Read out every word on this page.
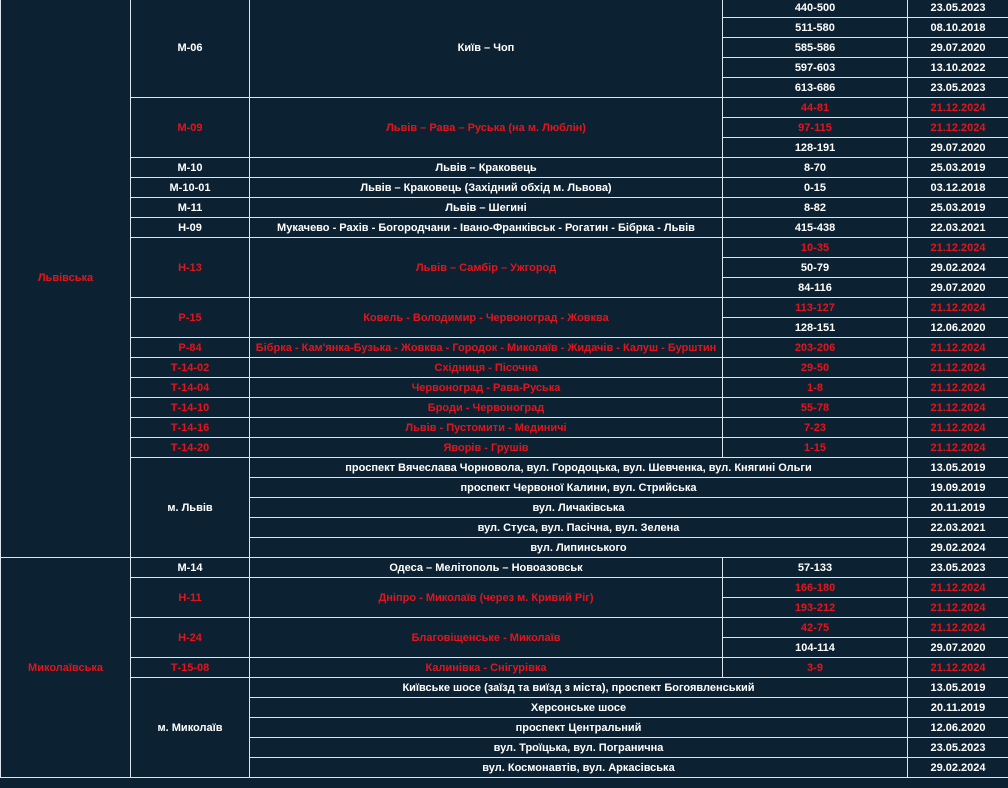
Львівська	М-06	Київ – Чоп	440-500	23.05.2023
			511-580	08.10.2018
			585-586	29.07.2020
			597-603	13.10.2022
			613-686	23.05.2023
	М-09	Львів – Рава – Руська (на м. Люблін)	44-81	21.12.2024
			97-115	21.12.2024
			128-191	29.07.2020
	М-10	Львів – Краковець	8-70	25.03.2019
	М-10-01	Львів – Краковець (Західний обхід м. Львова)	0-15	03.12.2018
	М-11	Львів – Шегині	8-82	25.03.2019
	Н-09	Мукачево - Рахів - Богородчани - Івано-Франківськ - Рогатин - Бібрка - Львів	415-438	22.03.2021
	Н-13	Львів – Самбір – Ужгород	10-35	21.12.2024
			50-79	29.02.2024
			84-116	29.07.2020
	Р-15	Ковель - Володимир - Червоноград - Жовква	113-127	21.12.2024
			128-151	12.06.2020
	Р-84	Бібрка - Кам'янка-Бузька - Жовква - Городок - Миколаїв - Жидачів - Калуш - Бурштин	203-206	21.12.2024
	Т-14-02	Східниця - Пісочна	29-50	21.12.2024
	Т-14-04	Червоноград - Рава-Руська	1-8	21.12.2024
	Т-14-10	Броди - Червоноград	55-78	21.12.2024
	Т-14-16	Львів - Пустомити - Мединичі	7-23	21.12.2024
	Т-14-20	Яворів - Грушів	1-15	21.12.2024
	м. Львів	проспект Вячеслава Чорновола, вул. Городоцька, вул. Шевченка, вул. Княгині Ольги		13.05.2019
		проспект Червоної Калини, вул. Стрийська		19.09.2019
		вул. Личаківська		20.11.2019
		вул. Стуса, вул. Пасічна, вул. Зелена		22.03.2021
		вул. Липинського		29.02.2024
Миколаївська	М-14	Одеса – Мелітополь – Новоазовськ	57-133	23.05.2023
	Н-11	Дніпро - Миколаїв (через м. Кривий Ріг)	166-180	21.12.2024
			193-212	21.12.2024
	Н-24	Благовіщенське - Миколаїв	42-75	21.12.2024
			104-114	29.07.2020
	Т-15-08	Калинівка - Снігурівка	3-9	21.12.2024
	м. Миколаїв	Київське шосе (заїзд та виїзд з міста), проспект Богоявленський		13.05.2019
		Херсонське шосе		20.11.2019
		проспект Центральний		12.06.2020
		вул. Троїцька, вул. Погранична		23.05.2023
		вул. Космонавтів, вул. Аркасівська		29.02.2024
